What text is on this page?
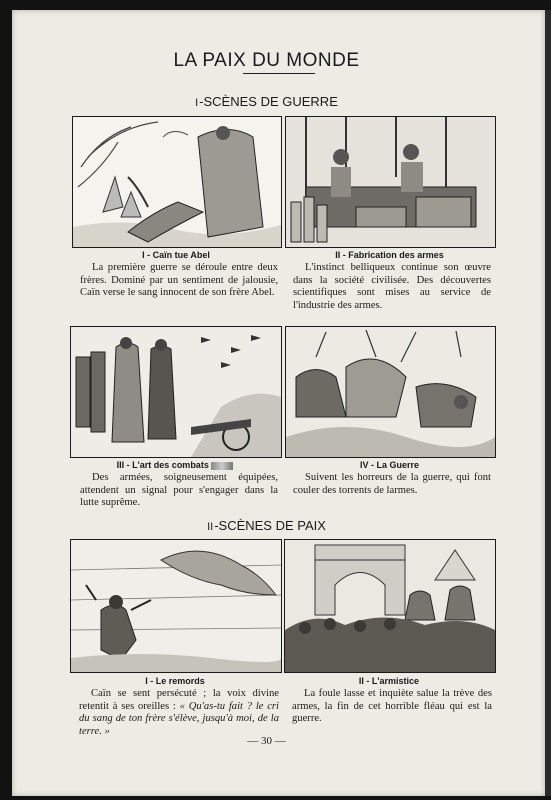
LA PAIX DU MONDE
I-SCÈNES DE GUERRE
I - Caïn tue Abel	II - Fabrication des armes
La première guerre se déroule entre deux frères. Dominé par un sentiment de jalousie, Caïn verse le sang innocent de son frère Abel.
L'instinct belliqueux continue son œuvre dans la société civilisée. Des découvertes scientifiques sont mises au service de l'industrie des armes.
III - L'art des combats	IV - La Guerre
Des armées, soigneusement équipées, attendent un signal pour s'engager dans la lutte suprême.
Suivent les horreurs de la guerre, qui font couler des torrents de larmes.
II-SCÈNES DE PAIX
I - Le remords	II - L'armistice
Caïn se sent persécuté ; la voix divine retentit à ses oreilles : « Qu'as-tu fait ? le cri du sang de ton frère s'élève, jusqu'à moi, de la terre. »
La foule lasse et inquiète salue la trève des armes, la fin de cet horrible fléau qui est la guerre.
— 30 —
